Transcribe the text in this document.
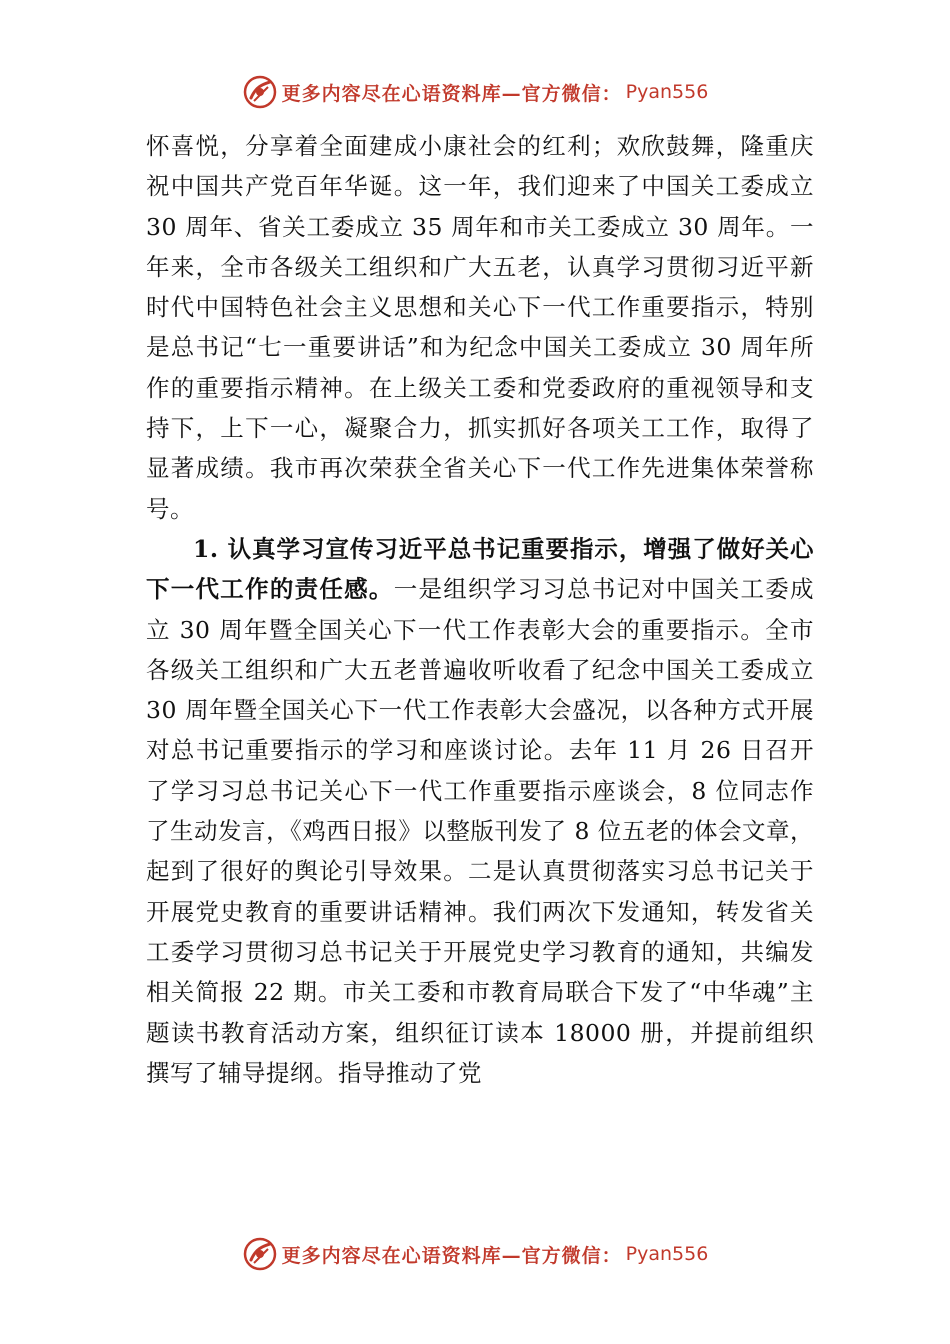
更多内容尽在心语资料库—官方微信： Pyan556

怀喜悦，分享着全面建成小康社会的红利；欢欣鼓舞，隆重庆祝中国共产党百年华诞。这一年，我们迎来了中国关工委成立 30 周年、省关工委成立 35 周年和市关工委成立 30 周年。一年来，全市各级关工组织和广大五老，认真学习贯彻习近平新时代中国特色社会主义思想和关心下一代工作重要指示，特别是总书记“七一重要讲话”和为纪念中国关工委成立 30 周年所作的重要指示精神。在上级关工委和党委政府的重视领导和支持下，上下一心，凝聚合力，抓实抓好各项关工工作，取得了显著成绩。我市再次荣获全省关心下一代工作先进集体荣誉称号。

1. 认真学习宣传习近平总书记重要指示，增强了做好关心下一代工作的责任感。一是组织学习习总书记对中国关工委成立 30 周年暨全国关心下一代工作表彰大会的重要指示。全市各级关工组织和广大五老普遍收听收看了纪念中国关工委成立 30 周年暨全国关心下一代工作表彰大会盛况，以各种方式开展对总书记重要指示的学习和座谈讨论。去年 11 月 26 日召开了学习习总书记关心下一代工作重要指示座谈会，8 位同志作了生动发言，《鸡西日报》以整版刊发了 8 位五老的体会文章，起到了很好的舆论引导效果。二是认真贯彻落实习总书记关于开展党史教育的重要讲话精神。我们两次下发通知，转发省关工委学习贯彻习总书记关于开展党史学习教育的通知，共编发相关简报 22 期。市关工委和市教育局联合下发了“中华魂”主题读书教育活动方案，组织征订读本 18000 册，并提前组织撰写了辅导提纲。指导推动了党

更多内容尽在心语资料库—官方微信： Pyan556
